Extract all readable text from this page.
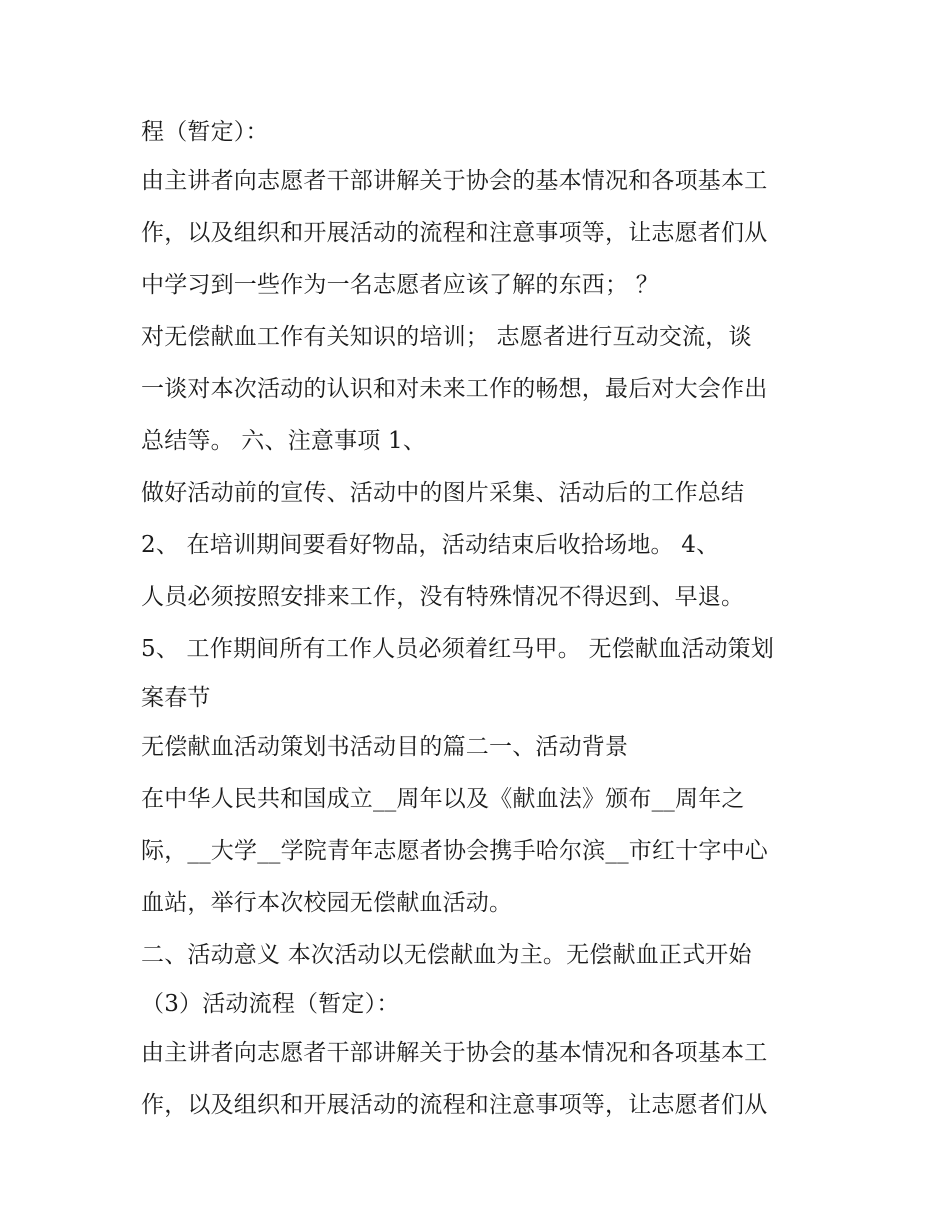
程（暂定）：
由主讲者向志愿者干部讲解关于协会的基本情况和各项基本工
作，以及组织和开展活动的流程和注意事项等，让志愿者们从
中学习到一些作为一名志愿者应该了解的东西； ？
对无偿献血工作有关知识的培训； 志愿者进行互动交流，谈
一谈对本次活动的认识和对未来工作的畅想，最后对大会作出
总结等。 六、注意事项 1、
做好活动前的宣传、活动中的图片采集、活动后的工作总结
2、 在培训期间要看好物品，活动结束后收拾场地。 4、
人员必须按照安排来工作，没有特殊情况不得迟到、早退。
5、 工作期间所有工作人员必须着红马甲。 无偿献血活动策划
案春节
无偿献血活动策划书活动目的篇二一、活动背景
在中华人民共和国成立__周年以及《献血法》颁布__周年之
际，__大学__学院青年志愿者协会携手哈尔滨__市红十字中心
血站，举行本次校园无偿献血活动。
二、活动意义 本次活动以无偿献血为主。无偿献血正式开始
（3）活动流程（暂定）：
由主讲者向志愿者干部讲解关于协会的基本情况和各项基本工
作，以及组织和开展活动的流程和注意事项等，让志愿者们从
